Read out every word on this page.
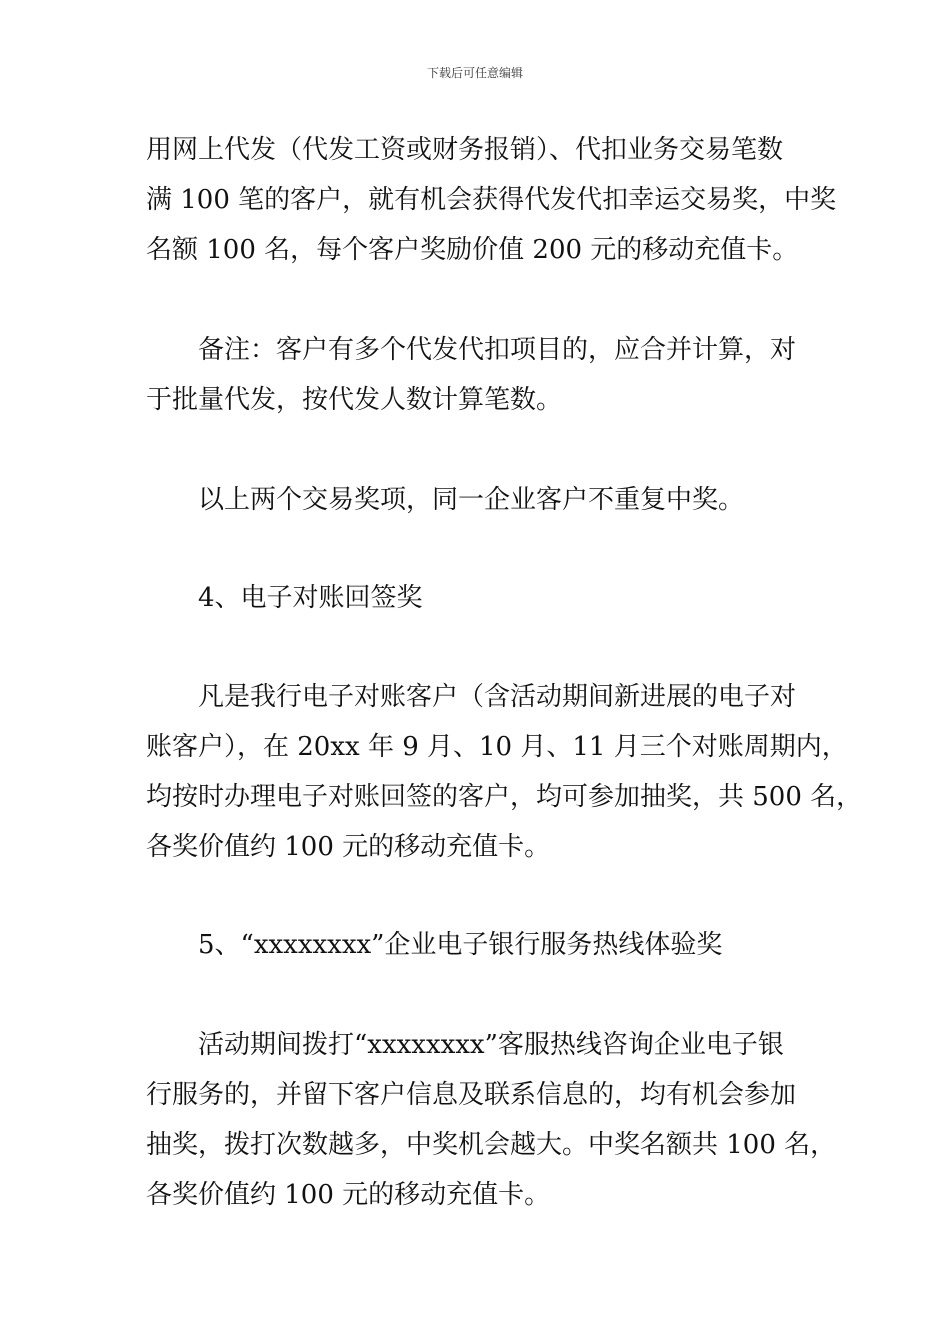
下载后可任意编辑
用网上代发（代发工资或财务报销）、代扣业务交易笔数
满 100 笔的客户，就有机会获得代发代扣幸运交易奖，中奖
名额 100 名，每个客户奖励价值 200 元的移动充值卡。
备注：客户有多个代发代扣项目的，应合并计算，对
于批量代发，按代发人数计算笔数。
以上两个交易奖项，同一企业客户不重复中奖。
4、电子对账回签奖
凡是我行电子对账客户（含活动期间新进展的电子对
账客户），在 20xx 年 9 月、10 月、11 月三个对账周期内，
均按时办理电子对账回签的客户，均可参加抽奖，共 500 名，
各奖价值约 100 元的移动充值卡。
5、“xxxxxxxx”企业电子银行服务热线体验奖
活动期间拨打“xxxxxxxx”客服热线咨询企业电子银
行服务的，并留下客户信息及联系信息的，均有机会参加
抽奖，拨打次数越多，中奖机会越大。中奖名额共 100 名，
各奖价值约 100 元的移动充值卡。
